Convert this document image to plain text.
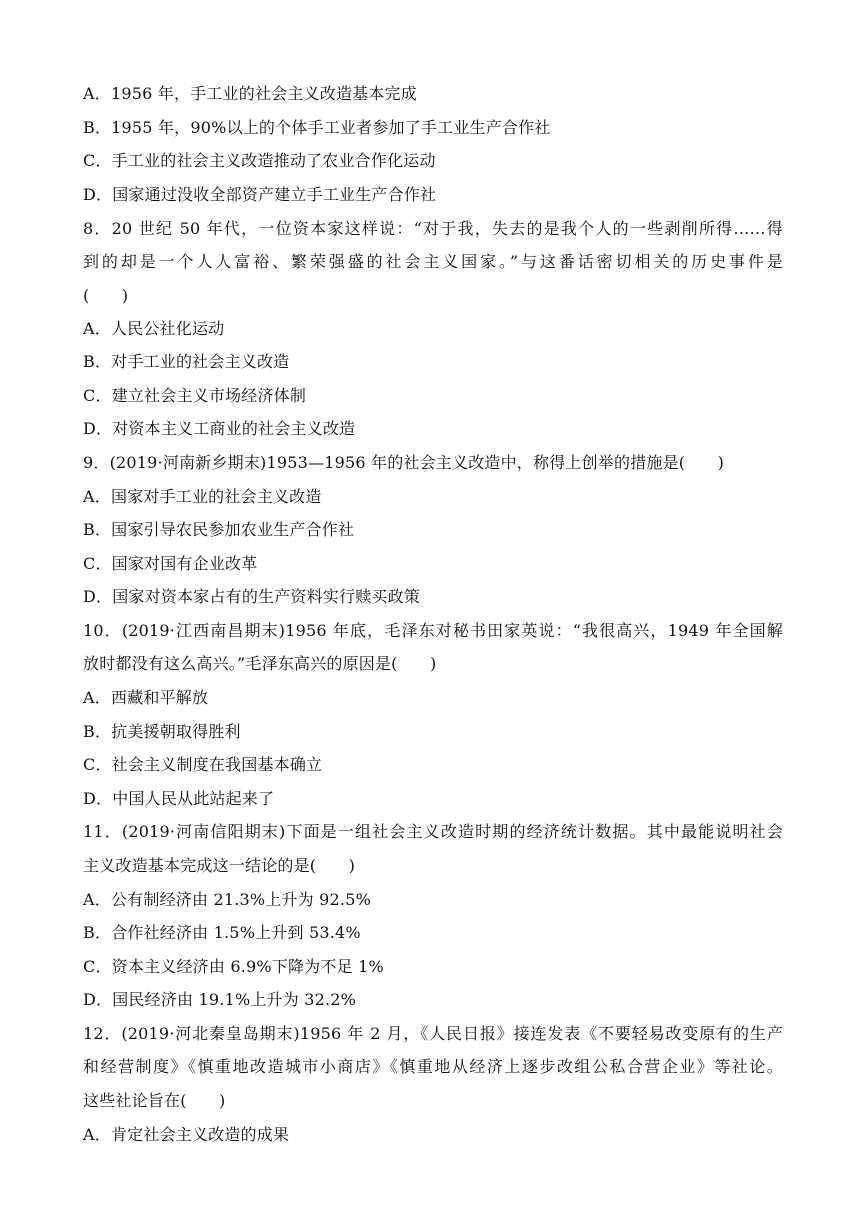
A．1956 年，手工业的社会主义改造基本完成
B．1955 年，90%以上的个体手工业者参加了手工业生产合作社
C．手工业的社会主义改造推动了农业合作化运动
D．国家通过没收全部资产建立手工业生产合作社
8．20 世纪 50 年代，一位资本家这样说：“对于我，失去的是我个人的一些剥削所得……得
到的却是一个人人富裕、繁荣强盛的社会主义国家。”与这番话密切相关的历史事件是
(　　)
A．人民公社化运动
B．对手工业的社会主义改造
C．建立社会主义市场经济体制
D．对资本主义工商业的社会主义改造
9．(2019·河南新乡期末)1953—1956 年的社会主义改造中，称得上创举的措施是(　　)
A．国家对手工业的社会主义改造
B．国家引导农民参加农业生产合作社
C．国家对国有企业改革
D．国家对资本家占有的生产资料实行赎买政策
10．(2019·江西南昌期末)1956 年底，毛泽东对秘书田家英说：“我很高兴，1949 年全国解
放时都没有这么高兴。”毛泽东高兴的原因是(　　)
A．西藏和平解放
B．抗美援朝取得胜利
C．社会主义制度在我国基本确立
D．中国人民从此站起来了
11．(2019·河南信阳期末)下面是一组社会主义改造时期的经济统计数据。其中最能说明社会
主义改造基本完成这一结论的是(　　)
A．公有制经济由 21.3%上升为 92.5%
B．合作社经济由 1.5%上升到 53.4%
C．资本主义经济由 6.9%下降为不足 1%
D．国民经济由 19.1%上升为 32.2%
12．(2019·河北秦皇岛期末)1956 年 2 月，《人民日报》接连发表《不要轻易改变原有的生产
和经营制度》《慎重地改造城市小商店》《慎重地从经济上逐步改组公私合营企业》等社论。
这些社论旨在(　　)
A．肯定社会主义改造的成果
